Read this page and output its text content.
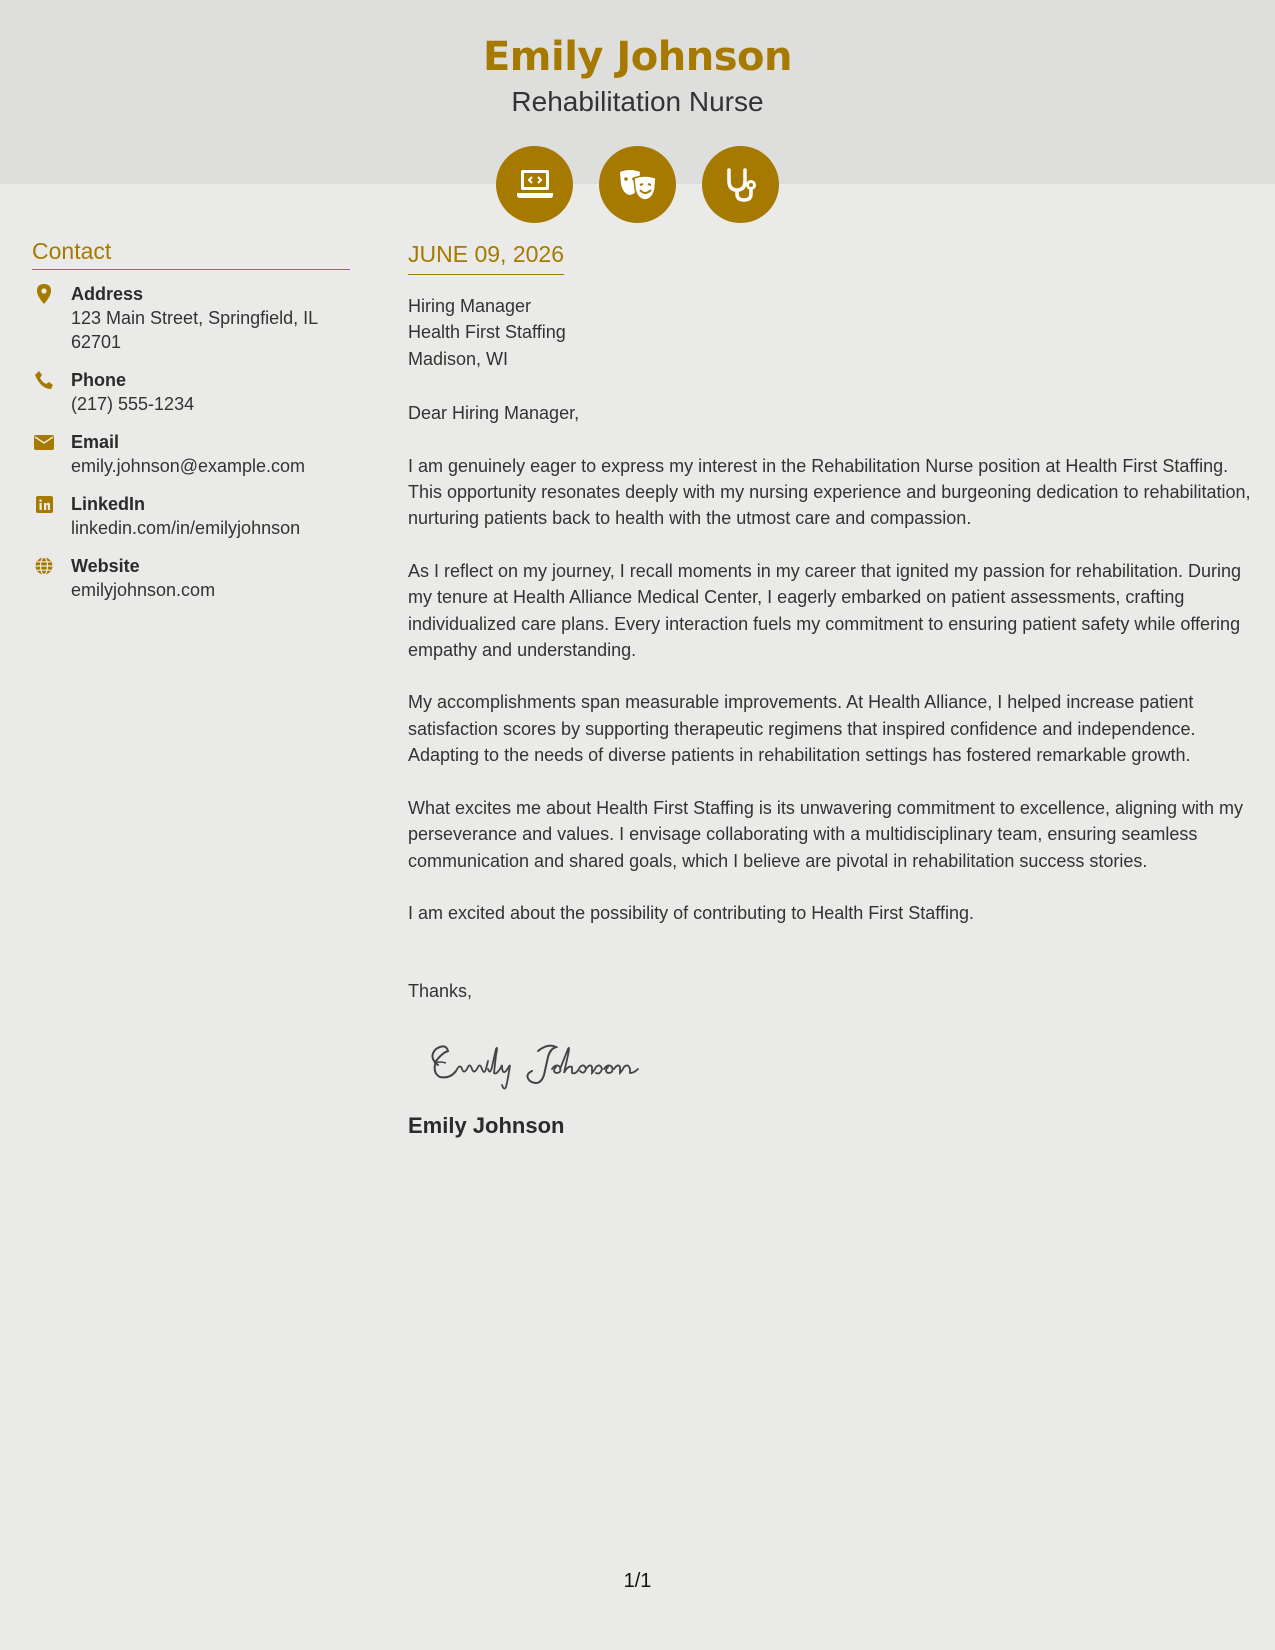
Emily Johnson
Rehabilitation Nurse
Contact
Address
123 Main Street, Springfield, IL 62701
Phone
(217) 555-1234
Email
emily.johnson@example.com
LinkedIn
linkedin.com/in/emilyjohnson
Website
emilyjohnson.com
JUNE 09, 2026
Hiring Manager
Health First Staffing
Madison, WI
Dear Hiring Manager,

I am genuinely eager to express my interest in the Rehabilitation Nurse position at Health First Staffing. This opportunity resonates deeply with my nursing experience and burgeoning dedication to rehabilitation, nurturing patients back to health with the utmost care and compassion.

As I reflect on my journey, I recall moments in my career that ignited my passion for rehabilitation. During my tenure at Health Alliance Medical Center, I eagerly embarked on patient assessments, crafting individualized care plans. Every interaction fuels my commitment to ensuring patient safety while offering empathy and understanding.

My accomplishments span measurable improvements. At Health Alliance, I helped increase patient satisfaction scores by supporting therapeutic regimens that inspired confidence and independence. Adapting to the needs of diverse patients in rehabilitation settings has fostered remarkable growth.

What excites me about Health First Staffing is its unwavering commitment to excellence, aligning with my perseverance and values. I envisage collaborating with a multidisciplinary team, ensuring seamless communication and shared goals, which I believe are pivotal in rehabilitation success stories.

I am excited about the possibility of contributing to Health First Staffing.

Thanks,
Emily Johnson
1/1
